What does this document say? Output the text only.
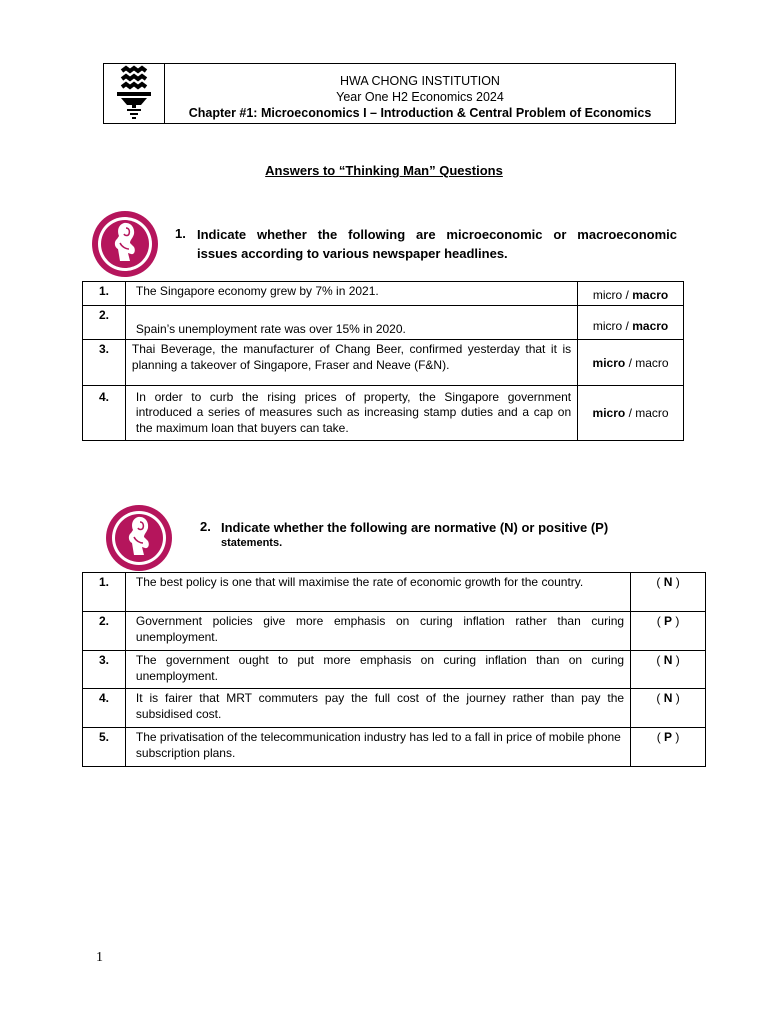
HWA CHONG INSTITUTION
Year One H2 Economics 2024
Chapter #1: Microeconomics I – Introduction & Central Problem of Economics
Answers to “Thinking Man” Questions
1. Indicate whether the following are microeconomic or macroeconomic
issues according to various newspaper headlines.
1.	The Singapore economy grew by 7% in 2021.	micro / macro
2.	Spain’s unemployment rate was over 15% in 2020.	micro / macro
3.	Thai Beverage, the manufacturer of Chang Beer, confirmed yesterday that it is planning a takeover of Singapore, Fraser and Neave (F&N).	micro / macro
4.	In order to curb the rising prices of property, the Singapore government introduced a series of measures such as increasing stamp duties and a cap on the maximum loan that buyers can take.	micro / macro
2. Indicate whether the following are normative (N) or positive (P)
statements.
1.	The best policy is one that will maximise the rate of economic growth for the country.	( N )
2.	Government policies give more emphasis on curing inflation rather than curing unemployment.	( P )
3.	The government ought to put more emphasis on curing inflation than on curing unemployment.	( N )
4.	It is fairer that MRT commuters pay the full cost of the journey rather than pay the subsidised cost.	( N )
5.	The privatisation of the telecommunication industry has led to a fall in price of mobile phone subscription plans.	( P )
1
